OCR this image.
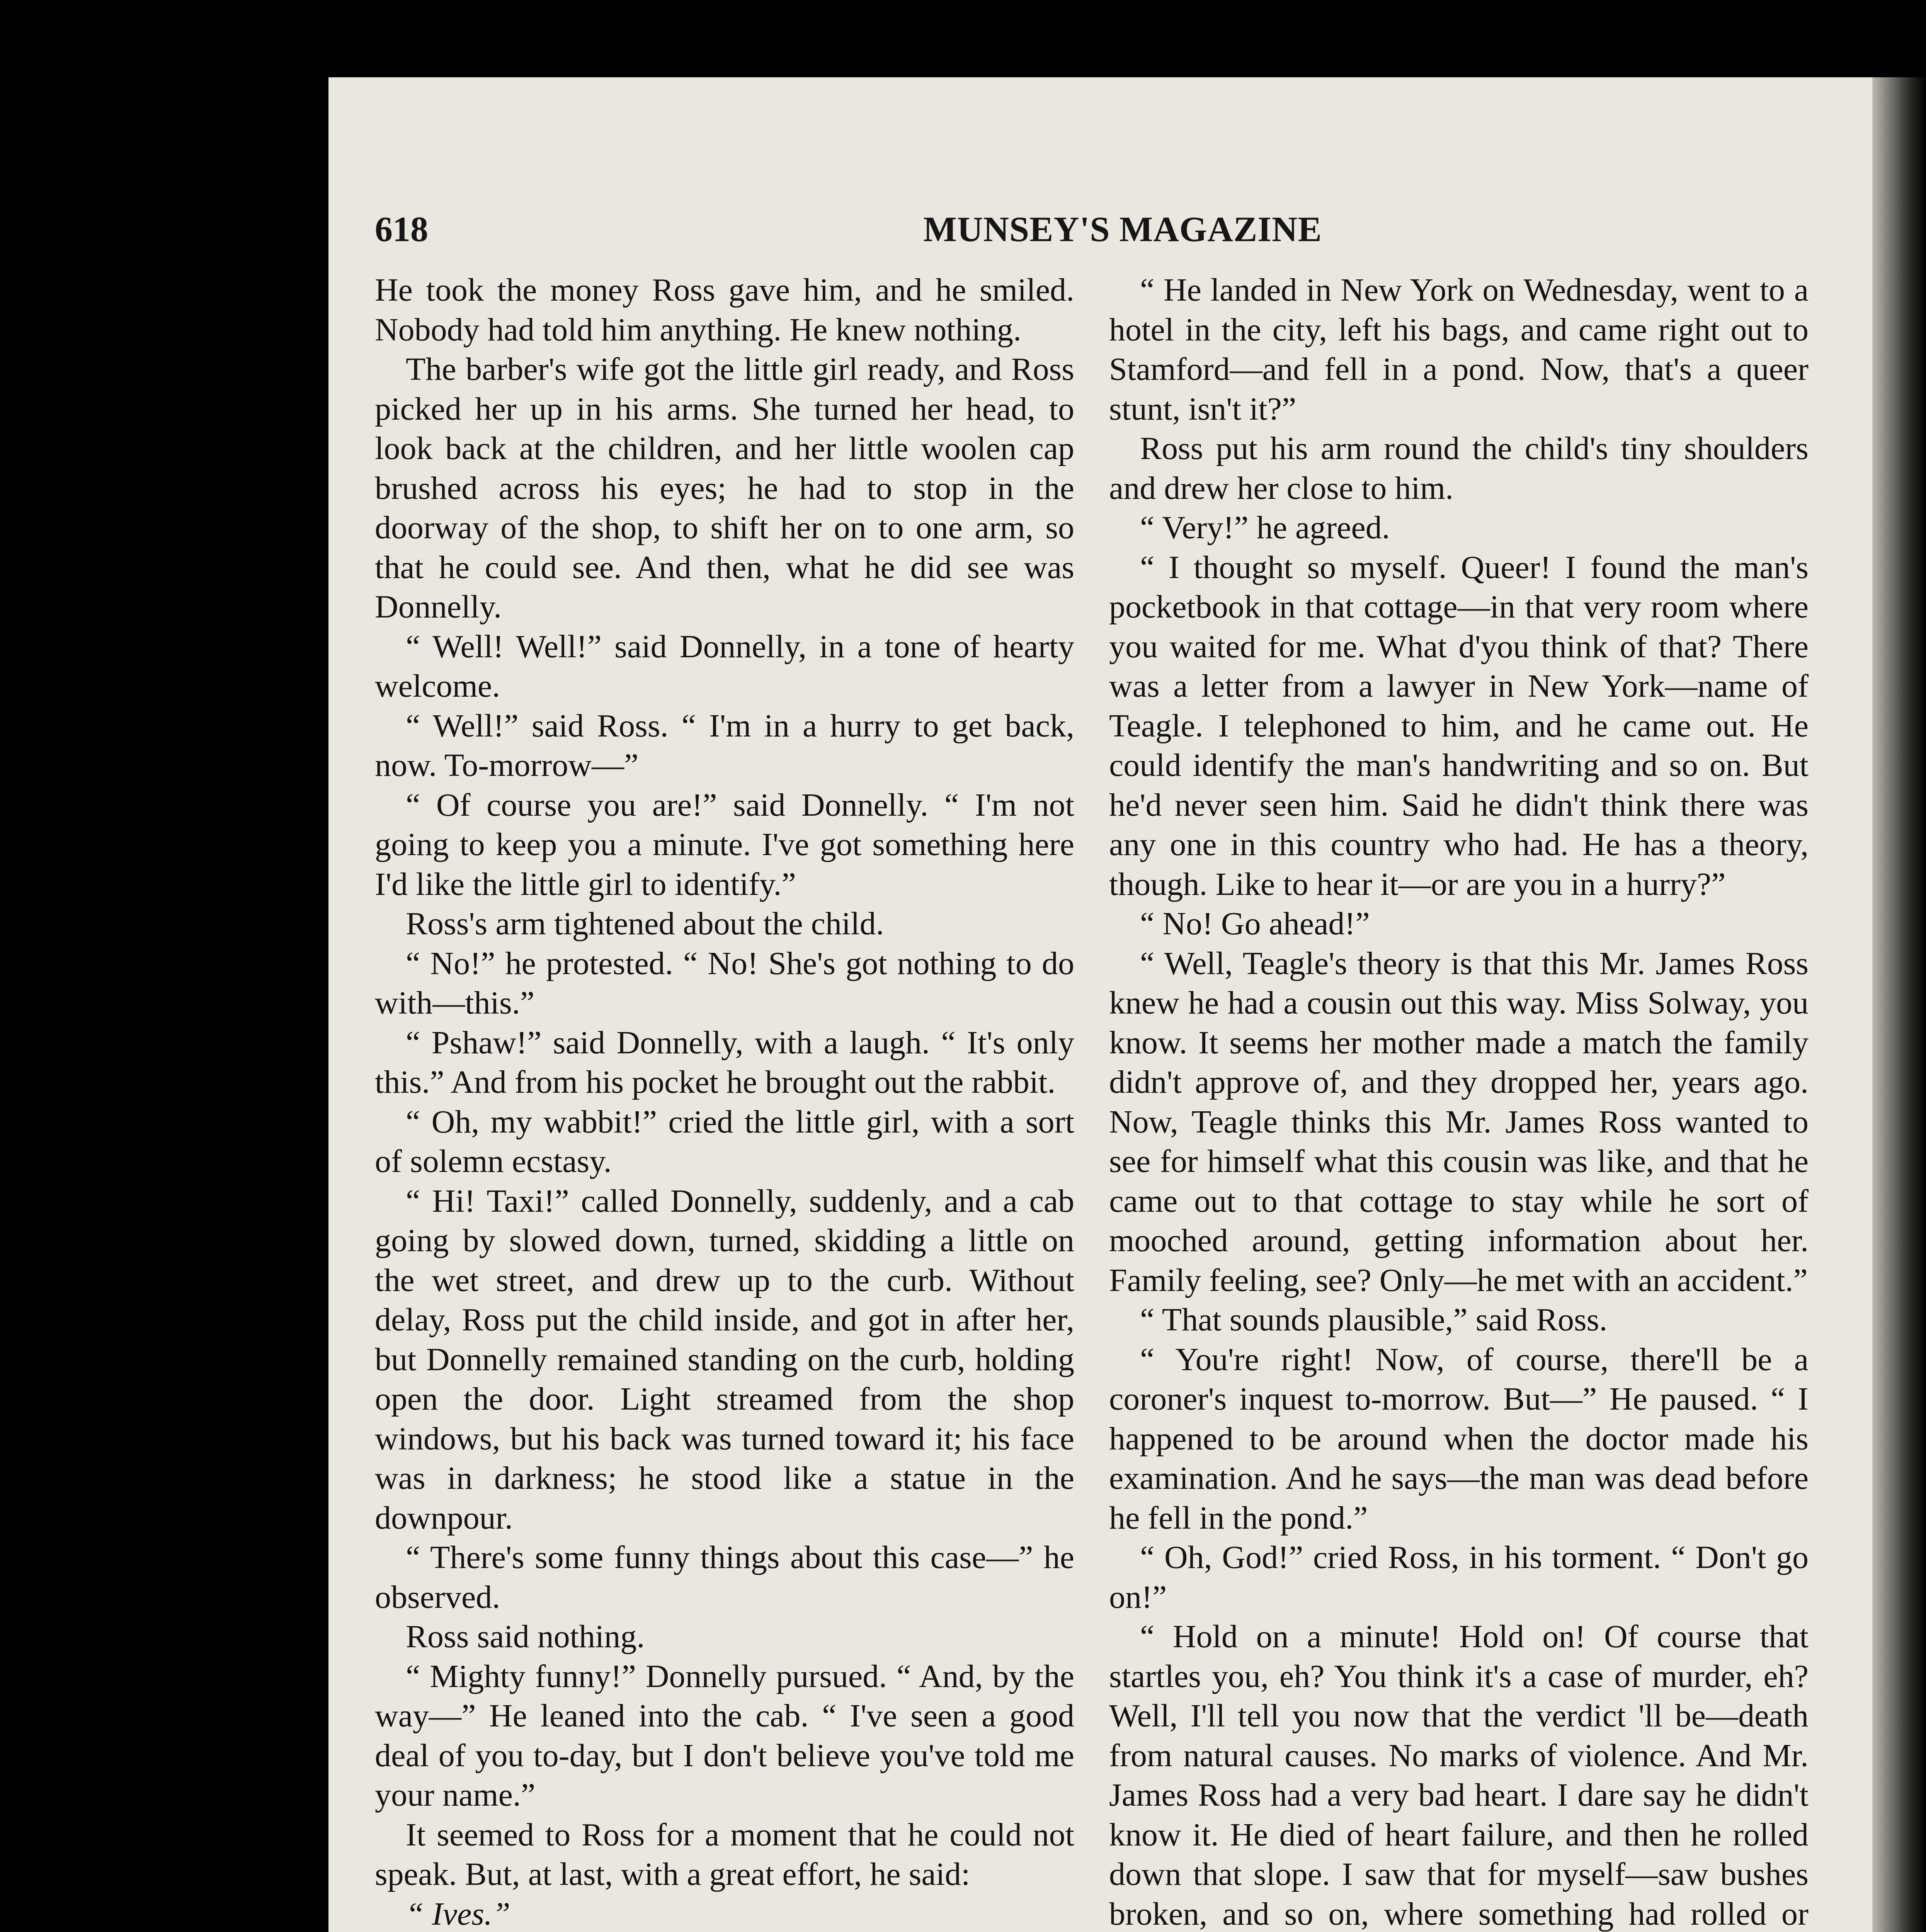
618	MUNSEY'S MAGAZINE

He took the money Ross gave him, and he smiled. Nobody had told him anything. He knew nothing.

The barber's wife got the little girl ready, and Ross picked her up in his arms. She turned her head, to look back at the children, and her little woolen cap brushed across his eyes; he had to stop in the doorway of the shop, to shift her on to one arm, so that he could see. And then, what he did see was Donnelly.

“ Well! Well!” said Donnelly, in a tone of hearty welcome.

“ Well!” said Ross. “ I'm in a hurry to get back, now. To-morrow—”

“ Of course you are!” said Donnelly. “ I'm not going to keep you a minute. I've got something here I'd like the little girl to identify.”

Ross's arm tightened about the child.

“ No!” he protested. “ No! She's got nothing to do with—this.”

“ Pshaw!” said Donnelly, with a laugh. “ It's only this.” And from his pocket he brought out the rabbit.

“ Oh, my wabbit!” cried the little girl, with a sort of solemn ecstasy.

“ Hi! Taxi!” called Donnelly, suddenly, and a cab going by slowed down, turned, skidding a little on the wet street, and drew up to the curb. Without delay, Ross put the child inside, and got in after her, but Donnelly remained standing on the curb, holding open the door. Light streamed from the shop windows, but his back was turned toward it; his face was in darkness; he stood like a statue in the downpour.

“ There's some funny things about this case—” he observed.

Ross said nothing.

“ Mighty funny!” Donnelly pursued. “ And, by the way—” He leaned into the cab. “ I've seen a good deal of you to-day, but I don't believe you've told me your name.”

It seemed to Ross for a moment that he could not speak. But, at last, with a great effort, he said:

“ Ives.”

“ He landed in New York on Wednesday, went to a hotel in the city, left his bags, and came right out to Stamford—and fell in a pond. Now, that's a queer stunt, isn't it?”

Ross put his arm round the child's tiny shoulders and drew her close to him.

“ Very!” he agreed.

“ I thought so myself. Queer! I found the man's pocketbook in that cottage—in that very room where you waited for me. What d'you think of that? There was a letter from a lawyer in New York—name of Teagle. I telephoned to him, and he came out. He could identify the man's handwriting and so on. But he'd never seen him. Said he didn't think there was any one in this country who had. He has a theory, though. Like to hear it—or are you in a hurry?”

“ No! Go ahead!”

“ Well, Teagle's theory is that this Mr. James Ross knew he had a cousin out this way. Miss Solway, you know. It seems her mother made a match the family didn't approve of, and they dropped her, years ago. Now, Teagle thinks this Mr. James Ross wanted to see for himself what this cousin was like, and that he came out to that cottage to stay while he sort of mooched around, getting information about her. Family feeling, see? Only—he met with an accident.”

“ That sounds plausible,” said Ross.

“ You're right! Now, of course, there'll be a coroner's inquest to-morrow. But—” He paused. “ I happened to be around when the doctor made his examination. And he says—the man was dead before he fell in the pond.”

“ Oh, God!” cried Ross, in his torment. “ Don't go on!”

“ Hold on a minute! Hold on! Of course that startles you, eh? You think it's a case of murder, eh? Well, I'll tell you now that the verdict 'll be—death from natural causes. No marks of violence. And Mr. James Ross had a very bad heart. I dare say he didn't know it. He died of heart failure, and then he rolled down that slope. I saw that for myself—saw bushes broken, and so on, where something had rolled or
